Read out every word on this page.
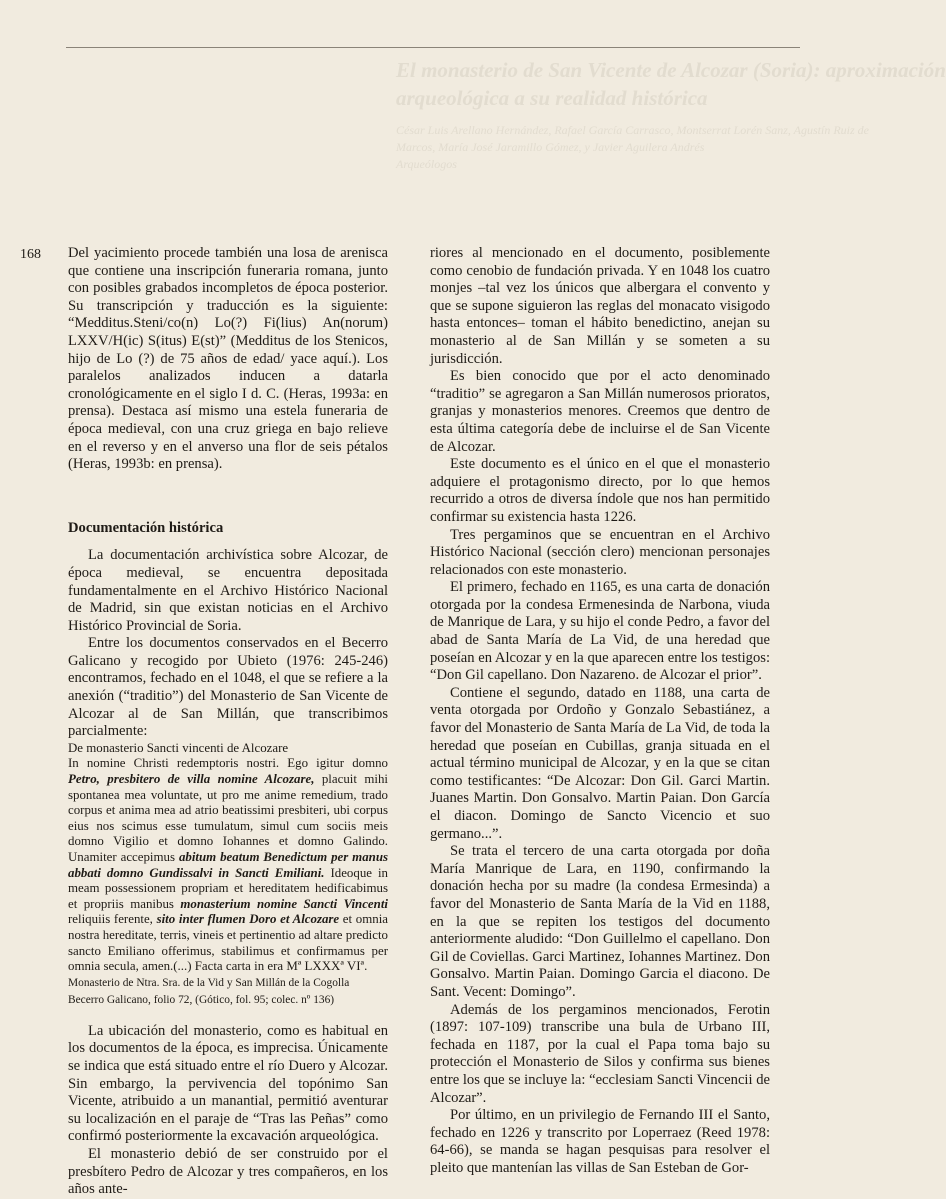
El monasterio de San Vicente de Alcozar (Soria): aproximación
arqueológica a su realidad histórica
César Luis Arellano Hernández, Rafael García Carrasco, Montserrat Lorén Sanz, Agustín Ruiz de
Marcos, María José Jaramillo Gómez, y Javier Aguilera Andrés
Arqueólogos
168 Del yacimiento procede también una losa de arenisca que contiene una inscripción funeraria romana, junto con posibles grabados incompletos de época posterior. Su transcripción y traducción es la siguiente: “Medditus.Steni/co(n) Lo(?) Fi(lius) An(norum) LXXV/H(ic) S(itus) E(st)” (Medditus de los Stenicos, hijo de Lo (?) de 75 años de edad/ yace aquí.). Los paralelos analizados inducen a datarla cronológicamente en el siglo I d. C. (Heras, 1993a: en prensa). Destaca así mismo una estela funeraria de época medieval, con una cruz griega en bajo relieve en el reverso y en el anverso una flor de seis pétalos (Heras, 1993b: en prensa).

Documentación histórica

La documentación archivística sobre Alcozar, de época medieval, se encuentra depositada fundamentalmente en el Archivo Histórico Nacional de Madrid, sin que existan noticias en el Archivo Histórico Provincial de Soria.

Entre los documentos conservados en el Becerro Galicano y recogido por Ubieto (1976: 245-246) encontramos, fechado en el 1048, el que se refiere a la anexión (“traditio”) del Monasterio de San Vicente de Alcozar al de San Millán, que transcribimos parcialmente:

De monasterio Sancti vincenti de Alcozare

In nomine Christi redemptoris nostri. Ego igitur domno Petro, presbitero de villa nomine Alcozare, placuit mihi spontanea mea voluntate, ut pro me anime remedium, trado corpus et anima mea ad atrio beatissimi presbiteri, ubi corpus eius nos scimus esse tumulatum, simul cum sociis meis domno Vigilio et domno Iohannes et domno Galindo. Unamiter accepimus abitum beatum Benedictum per manus abbati domno Gundissalvi in Sancti Emiliani. Ideoque in meam possessionem propriam et hereditatem hedificabimus et propriis manibus monasterium nomine Sancti Vincenti reliquiis ferente, sito inter flumen Doro et Alcozare et omnia nostra hereditate, terris, vineis et pertinentio ad altare predicto sancto Emiliano offerimus, stabilimus et confirmamus per omnia secula, amen.(...) Facta carta in era Mª LXXXª VIª.

Monasterio de Ntra. Sra. de la Vid y San Millán de la Cogolla

Becerro Galicano, folio 72, (Gótico, fol. 95; colec. nº 136)

La ubicación del monasterio, como es habitual en los documentos de la época, es imprecisa. Únicamente se indica que está situado entre el río Duero y Alcozar. Sin embargo, la pervivencia del topónimo San Vicente, atribuido a un manantial, permitió aventurar su localización en el paraje de “Tras las Peñas” como confirmó posteriormente la excavación arqueológica.

El monasterio debió de ser construido por el presbítero Pedro de Alcozar y tres compañeros, en los años ante-

riores al mencionado en el documento, posiblemente como cenobio de fundación privada. Y en 1048 los cuatro monjes –tal vez los únicos que albergara el convento y que se supone siguieron las reglas del monacato visigodo hasta entonces– toman el hábito benedictino, anejan su monasterio al de San Millán y se someten a su jurisdicción.

Es bien conocido que por el acto denominado “traditio” se agregaron a San Millán numerosos prioratos, granjas y monasterios menores. Creemos que dentro de esta última categoría debe de incluirse el de San Vicente de Alcozar.

Este documento es el único en el que el monasterio adquiere el protagonismo directo, por lo que hemos recurrido a otros de diversa índole que nos han permitido confirmar su existencia hasta 1226.

Tres pergaminos que se encuentran en el Archivo Histórico Nacional (sección clero) mencionan personajes relacionados con este monasterio.

El primero, fechado en 1165, es una carta de donación otorgada por la condesa Ermenesinda de Narbona, viuda de Manrique de Lara, y su hijo el conde Pedro, a favor del abad de Santa María de La Vid, de una heredad que poseían en Alcozar y en la que aparecen entre los testigos: “Don Gil capellano. Don Nazareno. de Alcozar el prior”.

Contiene el segundo, datado en 1188, una carta de venta otorgada por Ordoño y Gonzalo Sebastiánez, a favor del Monasterio de Santa María de La Vid, de toda la heredad que poseían en Cubillas, granja situada en el actual término municipal de Alcozar, y en la que se citan como testificantes: “De Alcozar: Don Gil. Garci Martin. Juanes Martin. Don Gonsalvo. Martin Paian. Don García el diacon. Domingo de Sancto Vicencio et suo germano...”.

Se trata el tercero de una carta otorgada por doña María Manrique de Lara, en 1190, confirmando la donación hecha por su madre (la condesa Ermesinda) a favor del Monasterio de Santa María de la Vid en 1188, en la que se repiten los testigos del documento anteriormente aludido: “Don Guillelmo el capellano. Don Gil de Coviellas. Garci Martinez, Iohannes Martinez. Don Gonsalvo. Martin Paian. Domingo Garcia el diacono. De Sant. Vecent: Domingo”.

Además de los pergaminos mencionados, Ferotin (1897: 107-109) transcribe una bula de Urbano III, fechada en 1187, por la cual el Papa toma bajo su protección el Monasterio de Silos y confirma sus bienes entre los que se incluye la: “ecclesiam Sancti Vincencii de Alcozar”.

Por último, en un privilegio de Fernando III el Santo, fechado en 1226 y transcrito por Loperraez (Reed 1978: 64-66), se manda se hagan pesquisas para resolver el pleito que mantenían las villas de San Esteban de Gor-
